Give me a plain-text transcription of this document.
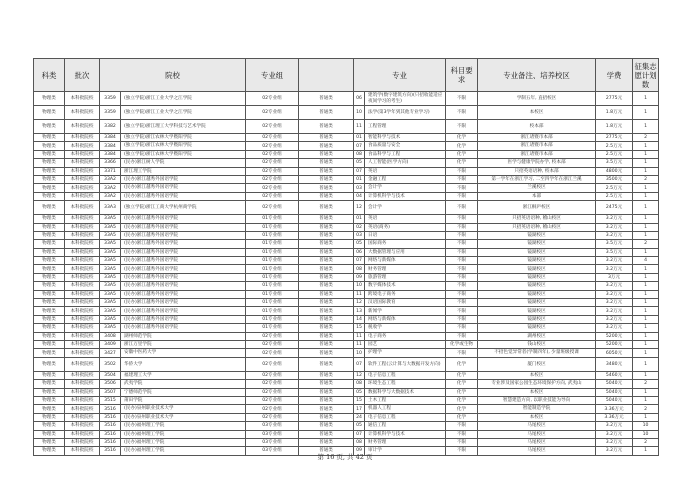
科类	批次	院校		专业组		专业		科目要求	专业备注、培养校区	学费	征集志愿计划数
物理类	本科批院校	3359	(独立学院)浙江工业大学之江学院	02专业组	普通类	06	建筑学(数字建筑方向)(只招收能适应夜间学习的考生)	不限	学制五年, 直招校区	2775元	1
物理类	本科批院校	3359	(独立学院)浙江工业大学之江学院	02专业组	普通类	10	法学(第3学年到其他专业学习)	不限	本校区	1.8万元	1
物理类	本科批院校	3382	(独立学院)浙江理工大学科技与艺术学院	02专业组	普通类	11	工程管理	不限	校本部	1.8万元	1
物理类	本科批院校	3384	(独立学院)浙江农林大学暨阳学院	02专业组	普通类	01	智能科学与技术	化学	浙江诸暨市本部	2775元	2
物理类	本科批院校	3384	(独立学院)浙江农林大学暨阳学院	02专业组	普通类	07	食品质量与安全	化学	浙江诸暨市本部	2.5万元	1
物理类	本科批院校	3384	(独立学院)浙江农林大学暨阳学院	02专业组	普通类	08	食品科学与工程	化学	浙江诸暨市本部	2.5万元	1
物理类	本科批院校	3366	(民办)浙江树人学院	02专业组	普通类	05	人工智能(医学方向)	化学	医学与健康学院办学, 校本部	3.5万元	1
物理类	本科批院校	3371	浙江理工学院	02专业组	普通类	07	英语	不限	只招英语语种, 校本部	4800元	1
物理类	本科批院校	33A2	(民办)浙江越秀外国语学院	02专业组	普通类	01	金融工程	不限	第一学年在浙江学习, 二至四学年在浙江兰溪	3500元	2
物理类	本科批院校	33A2	(民办)浙江越秀外国语学院	02专业组	普通类	03	会计学	不限	兰溪校区	2.5万元	1
物理类	本科批院校	33A2	(民办)浙江越秀外国语学院	02专业组	普通类	04	计算机科学与技术	不限	本部	2.5万元	1
物理类	本科批院校	33A3	(独立学院)浙江工商大学杭州商学院	02专业组	普通类	12	会计学	不限	浙江桐庐校区	2475元	1
物理类	本科批院校	33A5	(民办)浙江越秀外国语学院	01专业组	普通类	01	英语	不限	只招英语语种, 稽山校区	3.2万元	1
物理类	本科批院校	33A5	(民办)浙江越秀外国语学院	01专业组	普通类	02	英语(商务)	不限	只招英语语种, 稽山校区	3.2万元	1
物理类	本科批院校	33A5	(民办)浙江越秀外国语学院	01专业组	普通类	03	日语	不限	镜湖校区	3.2万元	1
物理类	本科批院校	33A5	(民办)浙江越秀外国语学院	01专业组	普通类	05	国际商务	不限	镜湖校区	3.5万元	2
物理类	本科批院校	33A5	(民办)浙江越秀外国语学院	01专业组	普通类	06	大数据管理与应用	不限	镜湖校区	3.5万元	1
物理类	本科批院校	33A5	(民办)浙江越秀外国语学院	01专业组	普通类	07	网络与新媒体	不限	镜湖校区	3.2万元	4
物理类	本科批院校	33A5	(民办)浙江越秀外国语学院	01专业组	普通类	08	财务管理	不限	镜湖校区	3.2万元	1
物理类	本科批院校	33A5	(民办)浙江越秀外国语学院	01专业组	普通类	09	旅游管理	不限	镜湖校区	3万元	1
物理类	本科批院校	33A5	(民办)浙江越秀外国语学院	01专业组	普通类	10	数字媒体技术	不限	镜湖校区	3.2万元	1
物理类	本科批院校	33A5	(民办)浙江越秀外国语学院	01专业组	普通类	11	跨境电子商务	不限	镜湖校区	3.2万元	1
物理类	本科批院校	33A5	(民办)浙江越秀外国语学院	01专业组	普通类	12	汉语国际教育	不限	镜湖校区	3.2万元	1
物理类	本科批院校	33A5	(民办)浙江越秀外国语学院	01专业组	普通类	13	新闻学	不限	镜湖校区	3.2万元	1
物理类	本科批院校	33A5	(民办)浙江越秀外国语学院	01专业组	普通类	14	网络与新媒体	不限	镜湖校区	3.2万元	1
物理类	本科批院校	33A5	(民办)浙江越秀外国语学院	01专业组	普通类	15	税收学	不限	镜湖校区	3.2万元	1
物理类	本科批院校	3408	湖州师范学院	02专业组	普通类	11	电子商务	不限	湖州校区	5200元	1
物理类	本科批院校	3409	浙江万里学院	02专业组	普通类	11	园艺	化学或生物	钱山校区	5200元	1
物理类	本科批院校	3427	安徽中医药大学	02专业组	普通类	10	护理学	不限	不招色觉异常者(学制四年), 少量班级授课	6050元	1
物理类	本科批院校	3502	华侨大学	02专业组	普通类	07	软件工程(云计算与大数据开发方向)	化学	厦门校区	3480元	1
物理类	本科批院校	3504	福建理工大学	02专业组	普通类	12	电子信息工程	化学	本校区	5460元	1
物理类	本科批院校	3506	武夷学院	02专业组	普通类	08	环境生态工程	化学	专业涉及国家公园生态环境保护方向, 武夷山	5040元	2
物理类	本科批院校	3507	宁德师范学院	02专业组	普通类	05	数据科学与大数据技术	化学	本校区	5040元	1
物理类	本科批院校	3515	莆田学院	02专业组	普通类	15	土木工程	化学	智慧建造方向, 以职业技能为导向	5040元	1
物理类	本科批院校	3516	(民办)泉州职业技术大学	02专业组	普通类	17	机器人工程	化学	智能制造学院	3.36万元	2
物理类	本科批院校	3516	(民办)泉州职业技术大学	02专业组	普通类	24	电子信息工程	化学	本校区	3.36万元	1
物理类	本科批院校	3516	(民办)福州理工学院	03专业组	普通类	05	通信工程	不限	马尾校区	3.2万元	10
物理类	本科批院校	3516	(民办)福州理工学院	03专业组	普通类	07	计算机科学与技术	不限	马尾校区	3.2万元	10
物理类	本科批院校	3516	(民办)福州理工学院	03专业组	普通类	08	财务管理	不限	马尾校区	3.2万元	2
物理类	本科批院校	3516	(民办)福州理工学院	03专业组	普通类	09	审计学	不限	马尾校区	3.2万元	1
第 16 页, 共 42 页
